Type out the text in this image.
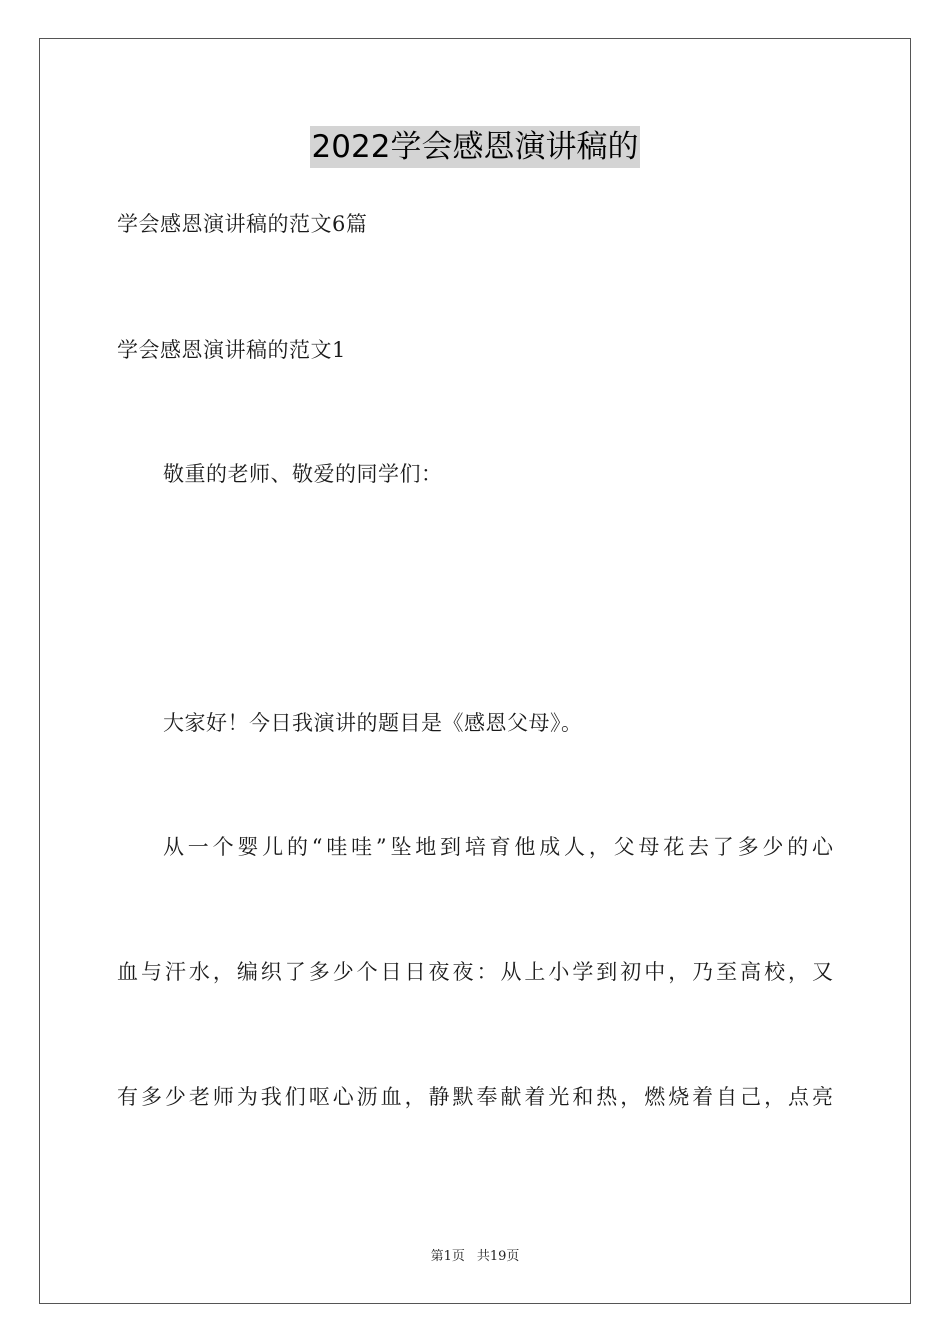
2022学会感恩演讲稿的
学会感恩演讲稿的范文6篇
学会感恩演讲稿的范文1
敬重的老师、敬爱的同学们：
大家好！今日我演讲的题目是《感恩父母》。
从一个婴儿的“哇哇”坠地到培育他成人，父母花去了多少的心
血与汗水，编织了多少个日日夜夜：从上小学到初中，乃至高校，又
有多少老师为我们呕心沥血，静默奉献着光和热，燃烧着自己，点亮
第1页 共19页
